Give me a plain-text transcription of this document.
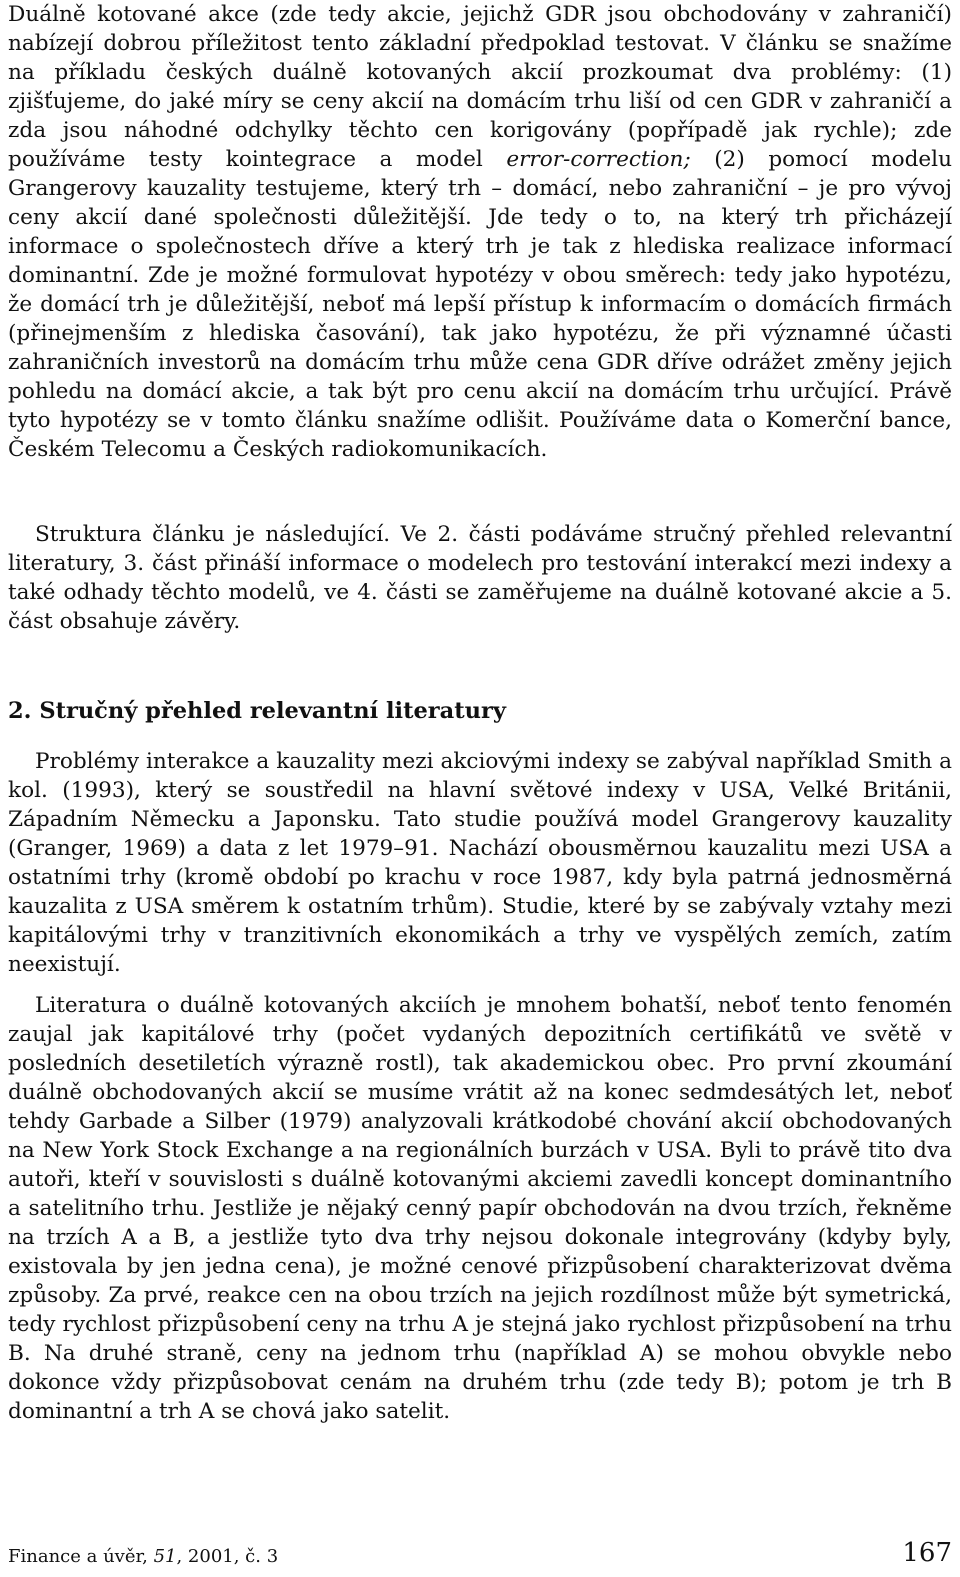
Duálně kotované akce (zde tedy akcie, jejichž GDR jsou obchodovány v zahraničí) nabízejí dobrou příležitost tento základní předpoklad testovat. V článku se snažíme na příkladu českých duálně kotovaných akcií prozkoumat dva problémy: (1) zjišťujeme, do jaké míry se ceny akcií na domácím trhu liší od cen GDR v zahraničí a zda jsou náhodné odchylky těchto cen korigovány (popřípadě jak rychle); zde používáme testy kointegrace a model error-correction; (2) pomocí modelu Grangerovy kauzality testujeme, který trh – domácí, nebo zahraniční – je pro vývoj ceny akcií dané společnosti důležitější. Jde tedy o to, na který trh přicházejí informace o společnostech dříve a který trh je tak z hlediska realizace informací dominantní. Zde je možné formulovat hypotézy v obou směrech: tedy jako hypotézu, že domácí trh je důležitější, neboť má lepší přístup k informacím o domácích firmách (přinejmenším z hlediska časování), tak jako hypotézu, že při významné účasti zahraničních investorů na domácím trhu může cena GDR dříve odrážet změny jejich pohledu na domácí akcie, a tak být pro cenu akcií na domácím trhu určující. Právě tyto hypotézy se v tomto článku snažíme odlišit. Používáme data o Komerční bance, Českém Telecomu a Českých radiokomunikacích.

Struktura článku je následující. Ve 2. části podáváme stručný přehled relevantní literatury, 3. část přináší informace o modelech pro testování interakcí mezi indexy a také odhady těchto modelů, ve 4. části se zaměřujeme na duálně kotované akcie a 5. část obsahuje závěry.

2. Stručný přehled relevantní literatury

Problémy interakce a kauzality mezi akciovými indexy se zabýval například Smith a kol. (1993), který se soustředil na hlavní světové indexy v USA, Velké Británii, Západním Německu a Japonsku. Tato studie používá model Grangerovy kauzality (Granger, 1969) a data z let 1979–91. Nachází obousměrnou kauzalitu mezi USA a ostatními trhy (kromě období po krachu v roce 1987, kdy byla patrná jednosměrná kauzalita z USA směrem k ostatním trhům). Studie, které by se zabývaly vztahy mezi kapitálovými trhy v tranzitivních ekonomikách a trhy ve vyspělých zemích, zatím neexistují.

Literatura o duálně kotovaných akciích je mnohem bohatší, neboť tento fenomén zaujal jak kapitálové trhy (počet vydaných depozitních certifikátů ve světě v posledních desetiletích výrazně rostl), tak akademickou obec. Pro první zkoumání duálně obchodovaných akcií se musíme vrátit až na konec sedmdesátých let, neboť tehdy Garbade a Silber (1979) analyzovali krátkodobé chování akcií obchodovaných na New York Stock Exchange a na regionálních burzách v USA. Byli to právě tito dva autoři, kteří v souvislosti s duálně kotovanými akciemi zavedli koncept dominantního a satelitního trhu. Jestliže je nějaký cenný papír obchodován na dvou trzích, řekněme na trzích A a B, a jestliže tyto dva trhy nejsou dokonale integrovány (kdyby byly, existovala by jen jedna cena), je možné cenové přizpůsobení charakterizovat dvěma způsoby. Za prvé, reakce cen na obou trzích na jejich rozdílnost může být symetrická, tedy rychlost přizpůsobení ceny na trhu A je stejná jako rychlost přizpůsobení na trhu B. Na druhé straně, ceny na jednom trhu (například A) se mohou obvykle nebo dokonce vždy přizpůsobovat cenám na druhém trhu (zde tedy B); potom je trh B dominantní a trh A se chová jako satelit.

Finance a úvěr, 51, 2001, č. 3	167
